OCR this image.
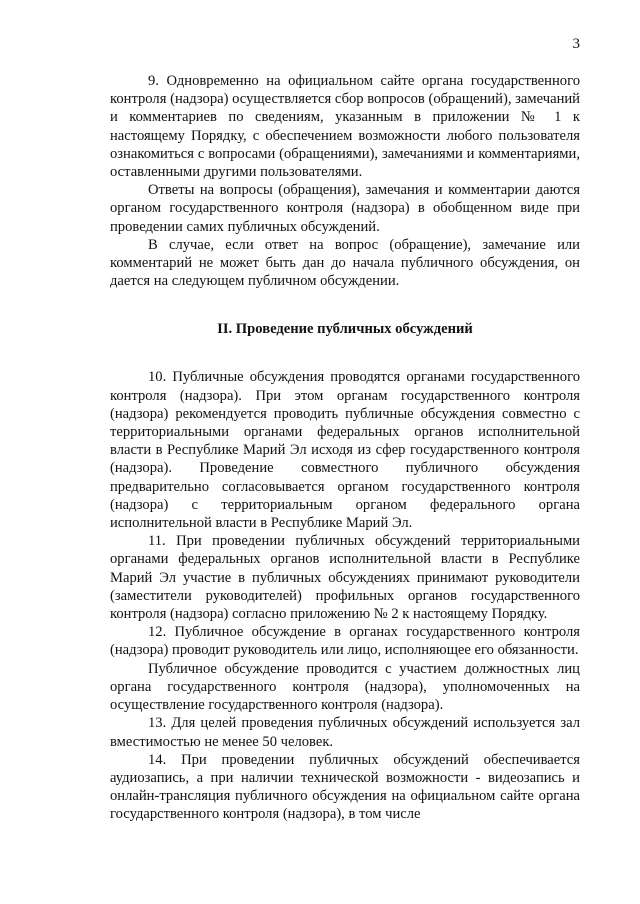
3

9. Одновременно на официальном сайте органа государственного контроля (надзора) осуществляется сбор вопросов (обращений), замечаний и комментариев по сведениям, указанным в приложении № 1 к настоящему Порядку, с обеспечением возможности любого пользователя ознакомиться с вопросами (обращениями), замечаниями и комментариями, оставленными другими пользователями.

Ответы на вопросы (обращения), замечания и комментарии даются органом государственного контроля (надзора) в обобщенном виде при проведении самих публичных обсуждений.

В случае, если ответ на вопрос (обращение), замечание или комментарий не может быть дан до начала публичного обсуждения, он дается на следующем публичном обсуждении.

II. Проведение публичных обсуждений

10. Публичные обсуждения проводятся органами государственного контроля (надзора). При этом органам государственного контроля (надзора) рекомендуется проводить публичные обсуждения совместно с территориальными органами федеральных органов исполнительной власти в Республике Марий Эл исходя из сфер государственного контроля (надзора). Проведение совместного публичного обсуждения предварительно согласовывается органом государственного контроля (надзора) с территориальным органом федерального органа исполнительной власти в Республике Марий Эл.

11. При проведении публичных обсуждений территориальными органами федеральных органов исполнительной власти в Республике Марий Эл участие в публичных обсуждениях принимают руководители (заместители руководителей) профильных органов государственного контроля (надзора) согласно приложению № 2 к настоящему Порядку.

12. Публичное обсуждение в органах государственного контроля (надзора) проводит руководитель или лицо, исполняющее его обязанности.

Публичное обсуждение проводится с участием должностных лиц органа государственного контроля (надзора), уполномоченных на осуществление государственного контроля (надзора).

13. Для целей проведения публичных обсуждений используется зал вместимостью не менее 50 человек.

14. При проведении публичных обсуждений обеспечивается аудиозапись, а при наличии технической возможности - видеозапись и онлайн-трансляция публичного обсуждения на официальном сайте органа государственного контроля (надзора), в том числе
